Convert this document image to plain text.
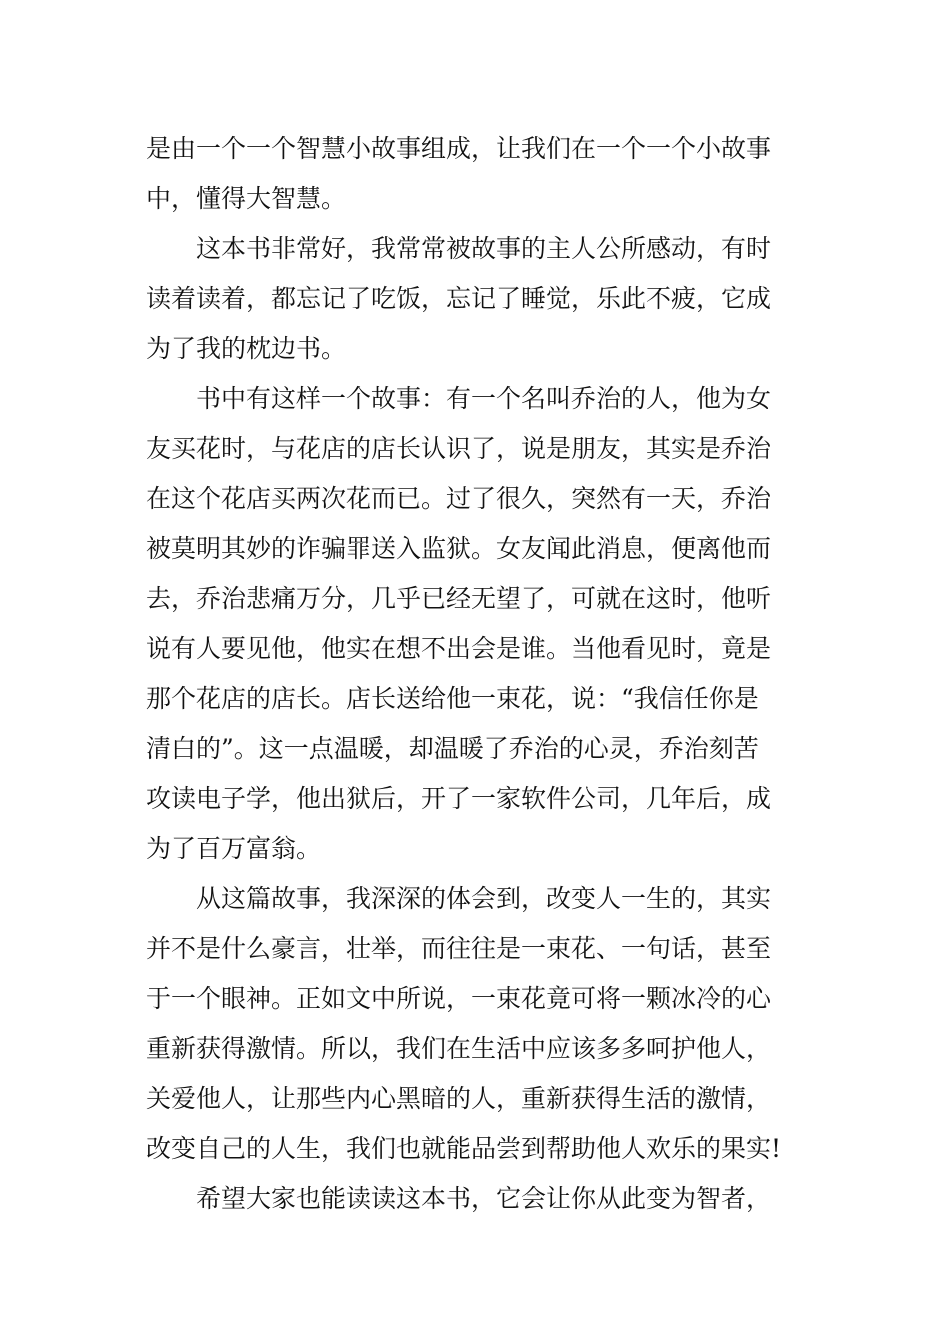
是由一个一个智慧小故事组成，让我们在一个一个小故事
中，懂得大智慧。
这本书非常好，我常常被故事的主人公所感动，有时
读着读着，都忘记了吃饭，忘记了睡觉，乐此不疲，它成
为了我的枕边书。
书中有这样一个故事：有一个名叫乔治的人，他为女
友买花时，与花店的店长认识了，说是朋友，其实是乔治
在这个花店买两次花而已。过了很久，突然有一天，乔治
被莫明其妙的诈骗罪送入监狱。女友闻此消息，便离他而
去，乔治悲痛万分，几乎已经无望了，可就在这时，他听
说有人要见他，他实在想不出会是谁。当他看见时，竟是
那个花店的店长。店长送给他一束花，说：“我信任你是
清白的”。这一点温暖，却温暖了乔治的心灵，乔治刻苦
攻读电子学，他出狱后，开了一家软件公司，几年后，成
为了百万富翁。
从这篇故事，我深深的体会到，改变人一生的，其实
并不是什么豪言，壮举，而往往是一束花、一句话，甚至
于一个眼神。正如文中所说，一束花竟可将一颗冰冷的心
重新获得激情。所以，我们在生活中应该多多呵护他人，
关爱他人，让那些内心黑暗的人，重新获得生活的激情，
改变自己的人生，我们也就能品尝到帮助他人欢乐的果实!
希望大家也能读读这本书，它会让你从此变为智者，
